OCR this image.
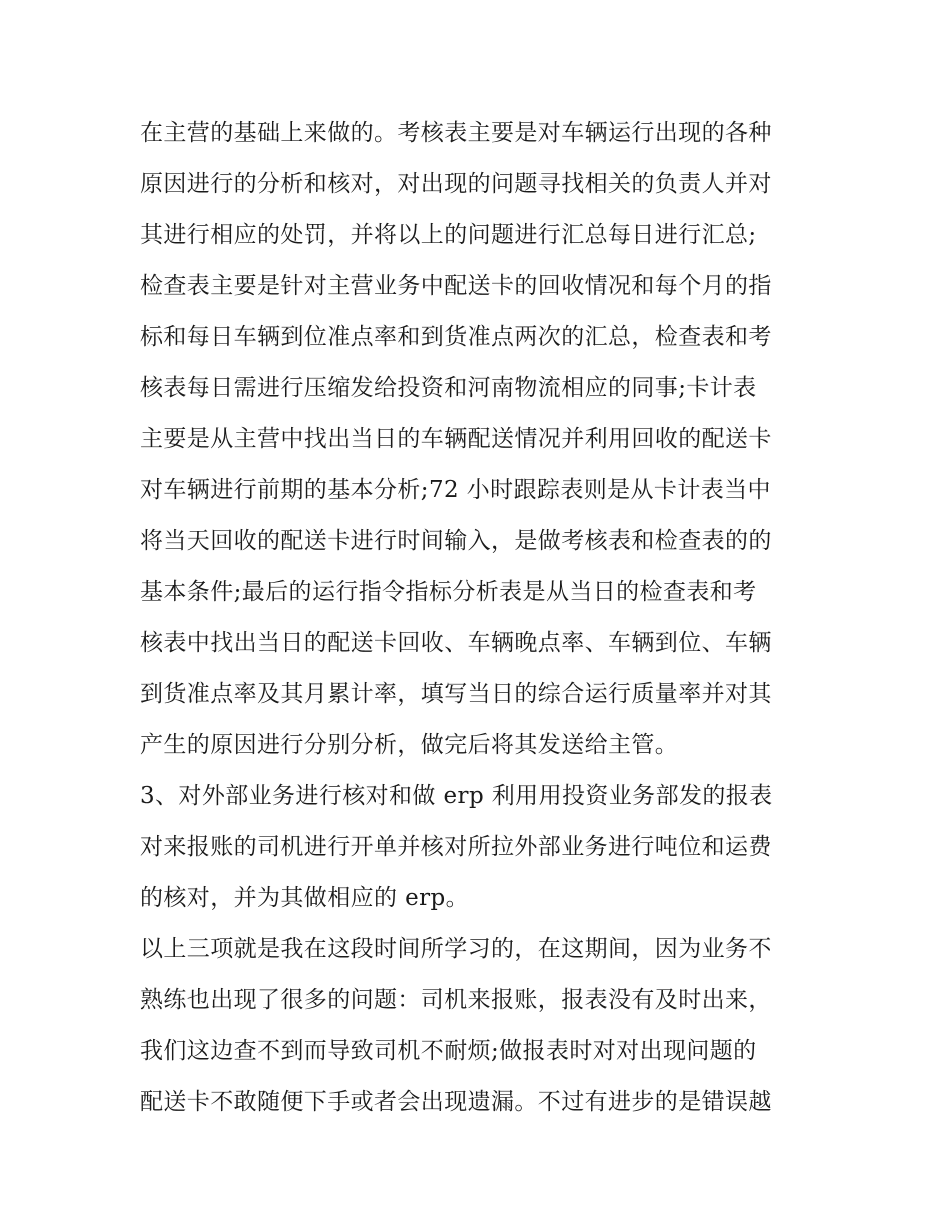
在主营的基础上来做的。考核表主要是对车辆运行出现的各种
原因进行的分析和核对，对出现的问题寻找相关的负责人并对
其进行相应的处罚，并将以上的问题进行汇总每日进行汇总;
检查表主要是针对主营业务中配送卡的回收情况和每个月的指
标和每日车辆到位准点率和到货准点两次的汇总，检查表和考
核表每日需进行压缩发给投资和河南物流相应的同事;卡计表
主要是从主营中找出当日的车辆配送情况并利用回收的配送卡
对车辆进行前期的基本分析;72 小时跟踪表则是从卡计表当中
将当天回收的配送卡进行时间输入，是做考核表和检查表的的
基本条件;最后的运行指令指标分析表是从当日的检查表和考
核表中找出当日的配送卡回收、车辆晚点率、车辆到位、车辆
到货准点率及其月累计率，填写当日的综合运行质量率并对其
产生的原因进行分别分析，做完后将其发送给主管。
3、对外部业务进行核对和做 erp 利用用投资业务部发的报表
对来报账的司机进行开单并核对所拉外部业务进行吨位和运费
的核对，并为其做相应的 erp。
以上三项就是我在这段时间所学习的，在这期间，因为业务不
熟练也出现了很多的问题：司机来报账，报表没有及时出来，
我们这边查不到而导致司机不耐烦;做报表时对对出现问题的
配送卡不敢随便下手或者会出现遗漏。不过有进步的是错误越
